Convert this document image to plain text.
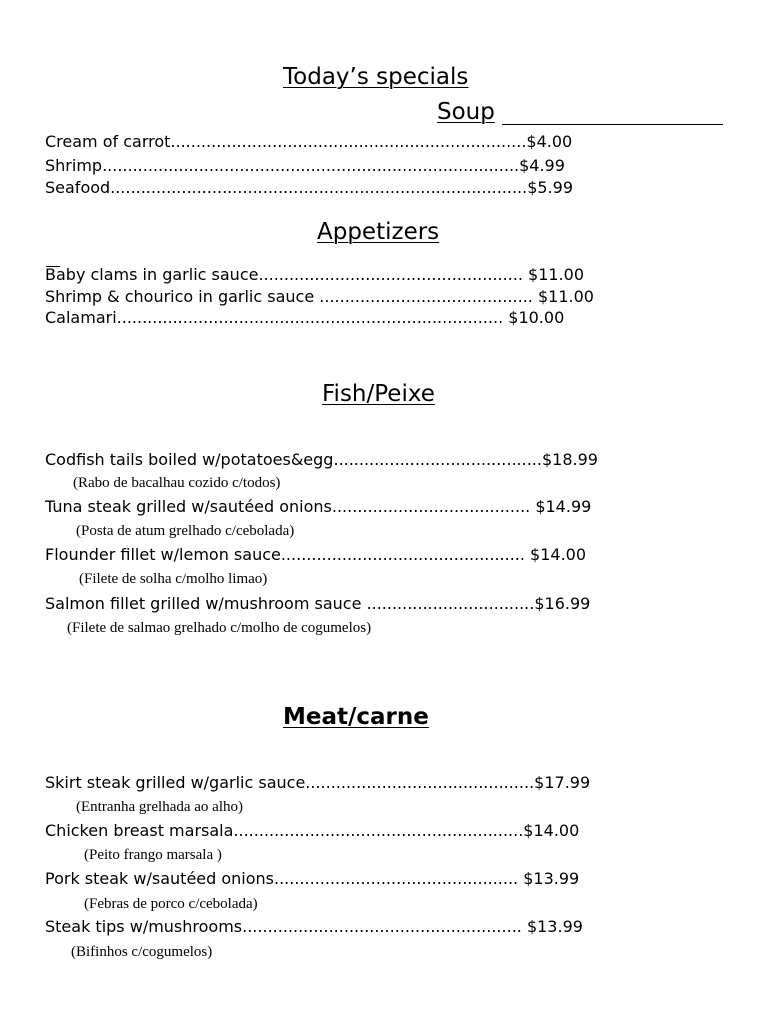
Today’s specials
Soup
Cream of carrot......................................................................$4.00
Shrimp..................................................................................$4.99
Seafood..................................................................................$5.99
Appetizers
Baby clams in garlic sauce.................................................... $11.00
Shrimp & chourico in garlic sauce .......................................... $11.00
Calamari............................................................................ $10.00
Fish/Peixe
Codfish tails boiled w/potatoes&egg.........................................$18.99
(Rabo de bacalhau cozido c/todos)
Tuna steak grilled w/sautéed onions....................................... $14.99
(Posta de atum grelhado c/cebolada)
Flounder fillet w/lemon sauce................................................ $14.00
(Filete de solha c/molho limao)
Salmon fillet grilled w/mushroom sauce .................................$16.99
(Filete de salmao grelhado c/molho de cogumelos)
Meat/carne
Skirt steak grilled w/garlic sauce.............................................$17.99
(Entranha grelhada ao alho)
Chicken breast marsala.........................................................$14.00
(Peito frango marsala )
Pork steak w/sautéed onions................................................ $13.99
(Febras de porco c/cebolada)
Steak tips w/mushrooms....................................................... $13.99
(Bifinhos c/cogumelos)
